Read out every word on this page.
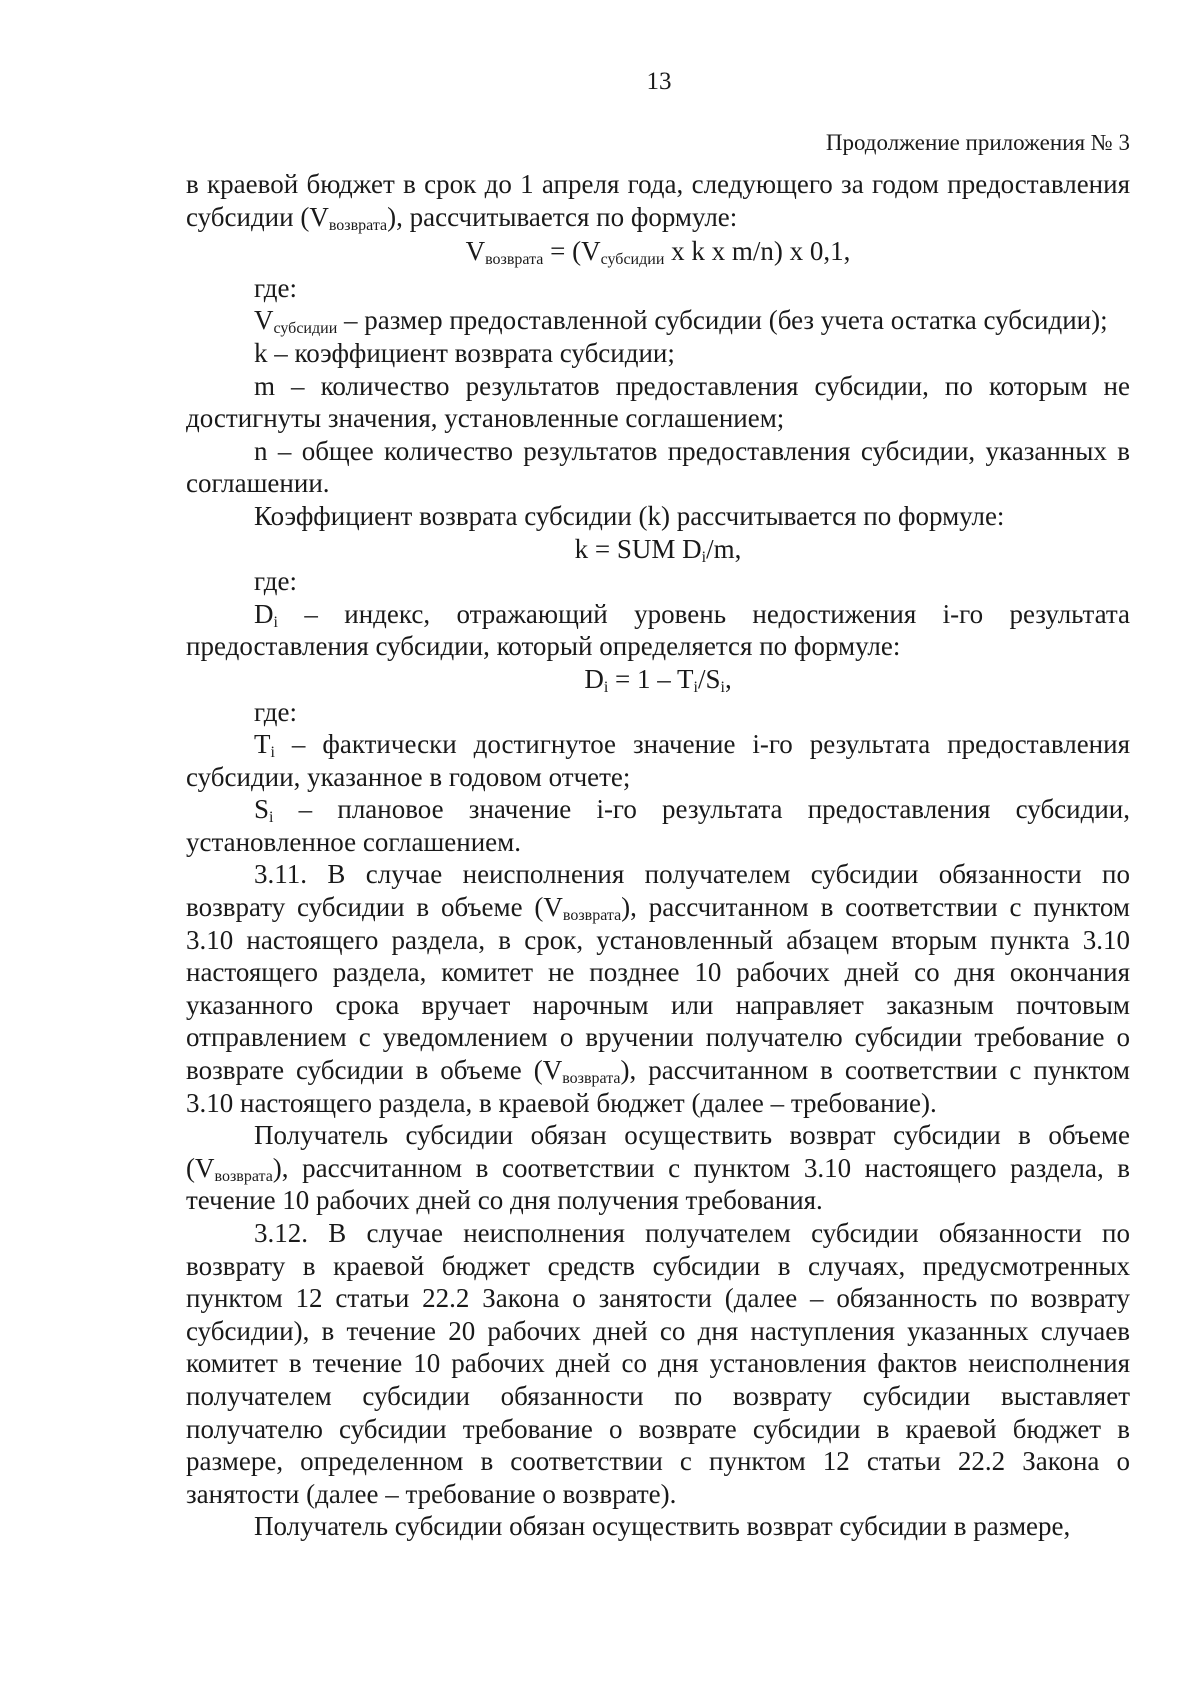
13
Продолжение приложения № 3

в краевой бюджет в срок до 1 апреля года, следующего за годом предоставления субсидии $(V_{возврата})$, рассчитывается по формуле:

$V_{возврата} = (V_{субсидии}$ x k x m/n) x 0,1,

где:

$V_{субсидии}$ – размер предоставленной субсидии (без учета остатка субсидии);

k – коэффициент возврата субсидии;

m – количество результатов предоставления субсидии, по которым не достигнуты значения, установленные соглашением;

n – общее количество результатов предоставления субсидии, указанных в соглашении.

Коэффициент возврата субсидии (k) рассчитывается по формуле:

k = SUM $D_i/m$,

где:

$D_i$ – индекс, отражающий уровень недостижения i-го результата предоставления субсидии, который определяется по формуле:

$D_i = 1 - T_i/S_i$,

где:

$T_i$ – фактически достигнутое значение i-го результата предоставления субсидии, указанное в годовом отчете;

$S_i$ – плановое значение i-го результата предоставления субсидии, установленное соглашением.

3.11. В случае неисполнения получателем субсидии обязанности по возврату субсидии в объеме $(V_{возврата})$, рассчитанном в соответствии с пунктом 3.10 настоящего раздела, в срок, установленный абзацем вторым пункта 3.10 настоящего раздела, комитет не позднее 10 рабочих дней со дня окончания указанного срока вручает нарочным или направляет заказным почтовым отправлением с уведомлением о вручении получателю субсидии требование о возврате субсидии в объеме $(V_{возврата})$, рассчитанном в соответствии с пунктом 3.10 настоящего раздела, в краевой бюджет (далее – требование).

Получатель субсидии обязан осуществить возврат субсидии в объеме $(V_{возврата})$, рассчитанном в соответствии с пунктом 3.10 настоящего раздела, в течение 10 рабочих дней со дня получения требования.

3.12. В случае неисполнения получателем субсидии обязанности по возврату в краевой бюджет средств субсидии в случаях, предусмотренных пунктом 12 статьи 22.2 Закона о занятости (далее – обязанность по возврату субсидии), в течение 20 рабочих дней со дня наступления указанных случаев комитет в течение 10 рабочих дней со дня установления фактов неисполнения получателем субсидии обязанности по возврату субсидии выставляет получателю субсидии требование о возврате субсидии в краевой бюджет в размере, определенном в соответствии с пунктом 12 статьи 22.2 Закона о занятости (далее – требование о возврате).

Получатель субсидии обязан осуществить возврат субсидии в размере,
